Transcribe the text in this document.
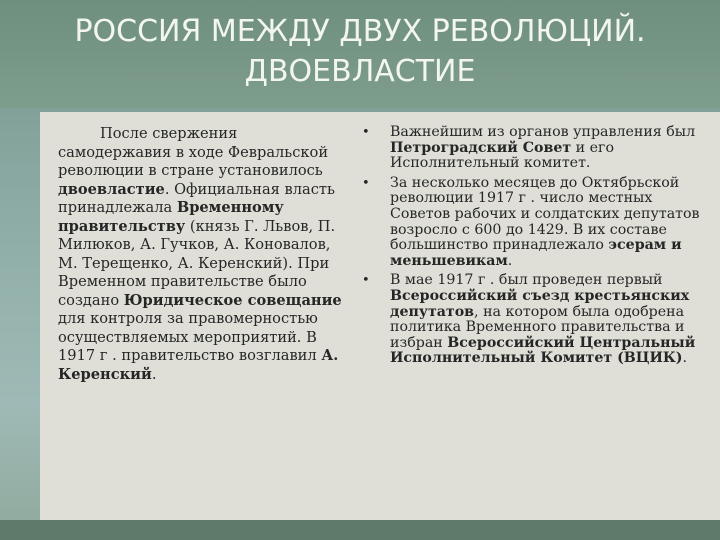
РОССИЯ МЕЖДУ ДВУХ РЕВОЛЮЦИЙ.
ДВОЕВЛАСТИЕ

После свержения самодержавия в ходе Февральской революции в стране установилось двоевластие. Официальная власть принадлежала Временному правительству (князь Г. Львов, П. Милюков, А. Гучков, А. Коновалов, М. Терещенко, А. Керенский). При Временном правительстве было создано Юридическое совещание для контроля за правомерностью осуществляемых мероприятий. В 1917 г . правительство возглавил А. Керенский.

• Важнейшим из органов управления был Петроградский Совет и его Исполнительный комитет.
• За несколько месяцев до Октябрьской революции 1917 г . число местных Советов рабочих и солдатских депутатов возросло с 600 до 1429. В их составе большинство принадлежало эсерам и меньшевикам.
• В мае 1917 г . был проведен первый Всероссийский съезд крестьянских депутатов, на котором была одобрена политика Временного правительства и избран Всероссийский Центральный Исполнительный Комитет (ВЦИК).
